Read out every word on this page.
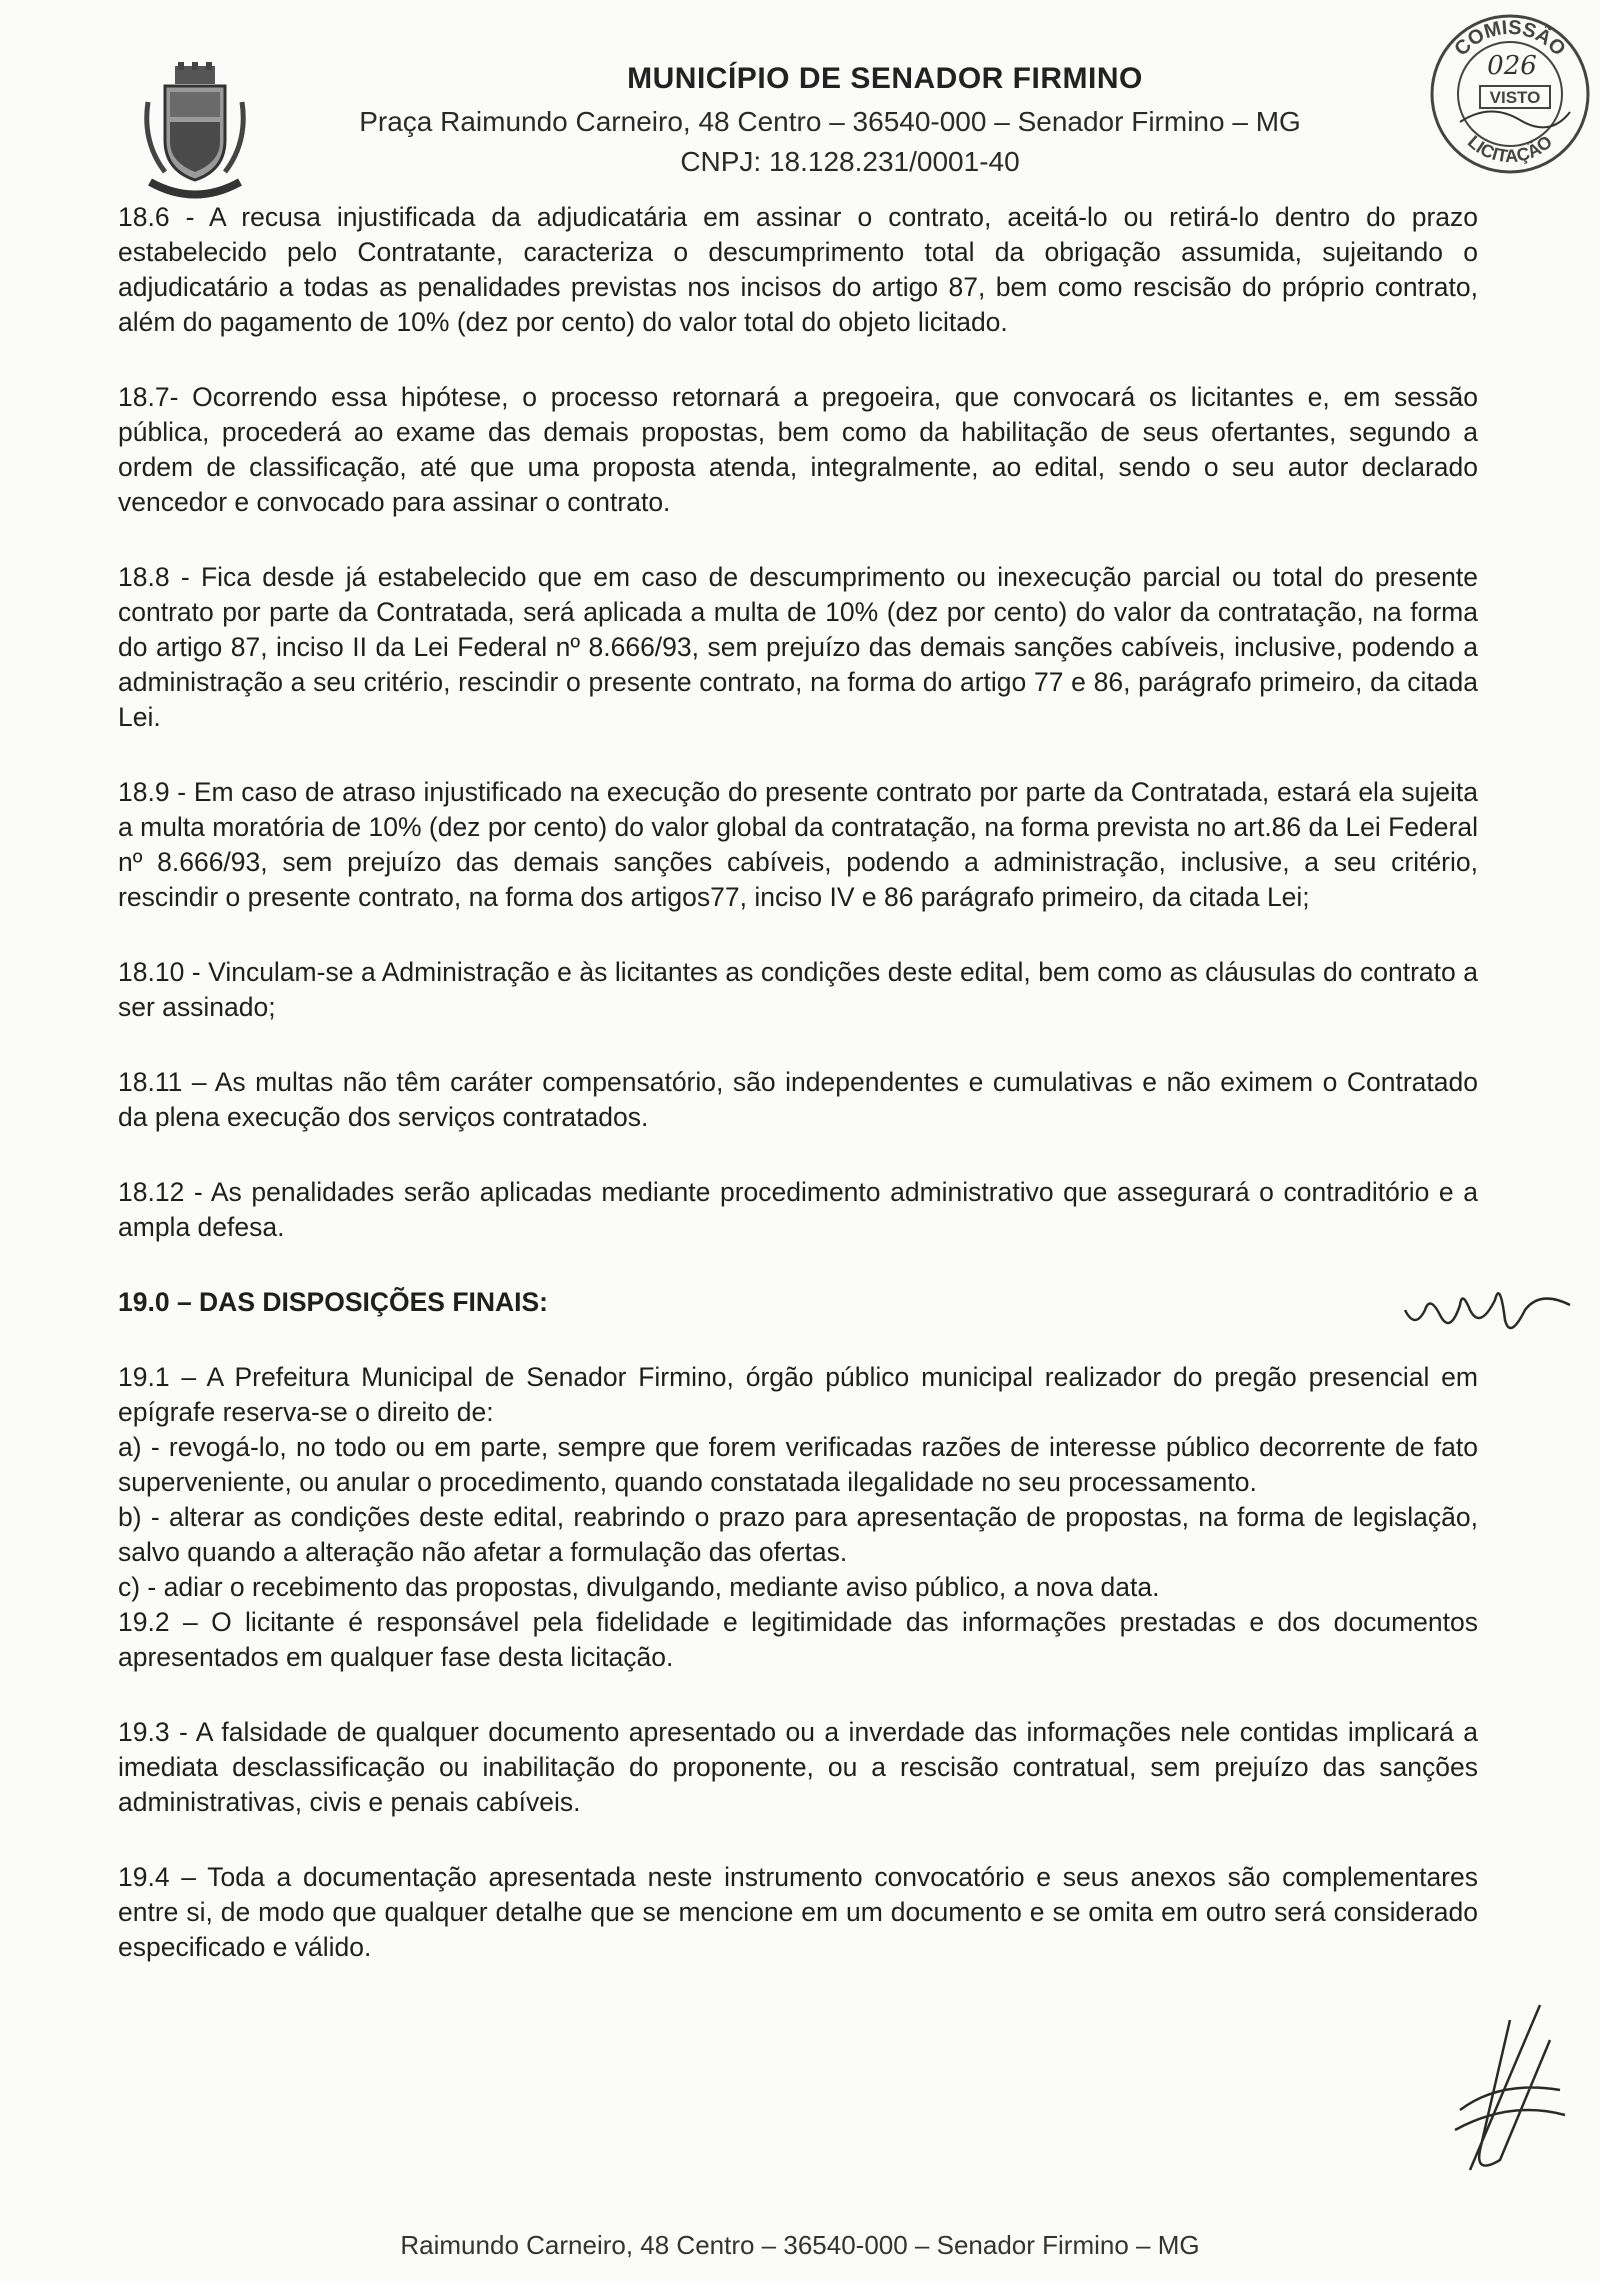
MUNICÍPIO DE SENADOR FIRMINO
Praça Raimundo Carneiro, 48 Centro – 36540-000 – Senador Firmino – MG
CNPJ: 18.128.231/0001-40
COMISSÃO
LICITAÇÃO
026
VISTO

18.6 - A recusa injustificada da adjudicatária em assinar o contrato, aceitá-lo ou retirá-lo dentro do prazo estabelecido pelo Contratante, caracteriza o descumprimento total da obrigação assumida, sujeitando o adjudicatário a todas as penalidades previstas nos incisos do artigo 87, bem como rescisão do próprio contrato, além do pagamento de 10% (dez por cento) do valor total do objeto licitado.

18.7- Ocorrendo essa hipótese, o processo retornará a pregoeira, que convocará os licitantes e, em sessão pública, procederá ao exame das demais propostas, bem como da habilitação de seus ofertantes, segundo a ordem de classificação, até que uma proposta atenda, integralmente, ao edital, sendo o seu autor declarado vencedor e convocado para assinar o contrato.

18.8 - Fica desde já estabelecido que em caso de descumprimento ou inexecução parcial ou total do presente contrato por parte da Contratada, será aplicada a multa de 10% (dez por cento) do valor da contratação, na forma do artigo 87, inciso II da Lei Federal nº 8.666/93, sem prejuízo das demais sanções cabíveis, inclusive, podendo a administração a seu critério, rescindir o presente contrato, na forma do artigo 77 e 86, parágrafo primeiro, da citada Lei.

18.9 - Em caso de atraso injustificado na execução do presente contrato por parte da Contratada, estará ela sujeita a multa moratória de 10% (dez por cento) do valor global da contratação, na forma prevista no art.86 da Lei Federal nº 8.666/93, sem prejuízo das demais sanções cabíveis, podendo a administração, inclusive, a seu critério, rescindir o presente contrato, na forma dos artigos77, inciso IV e 86 parágrafo primeiro, da citada Lei;

18.10 - Vinculam-se a Administração e às licitantes as condições deste edital, bem como as cláusulas do contrato a ser assinado;

18.11 – As multas não têm caráter compensatório, são independentes e cumulativas e não eximem o Contratado da plena execução dos serviços contratados.

18.12 - As penalidades serão aplicadas mediante procedimento administrativo que assegurará o contraditório e a ampla defesa.

19.0 – DAS DISPOSIÇÕES FINAIS:

19.1 – A Prefeitura Municipal de Senador Firmino, órgão público municipal realizador do pregão presencial em epígrafe reserva-se o direito de:
a) - revogá-lo, no todo ou em parte, sempre que forem verificadas razões de interesse público decorrente de fato superveniente, ou anular o procedimento, quando constatada ilegalidade no seu processamento.
b) - alterar as condições deste edital, reabrindo o prazo para apresentação de propostas, na forma de legislação, salvo quando a alteração não afetar a formulação das ofertas.
c) - adiar o recebimento das propostas, divulgando, mediante aviso público, a nova data.

19.2 – O licitante é responsável pela fidelidade e legitimidade das informações prestadas e dos documentos apresentados em qualquer fase desta licitação.

19.3 - A falsidade de qualquer documento apresentado ou a inverdade das informações nele contidas implicará a imediata desclassificação ou inabilitação do proponente, ou a rescisão contratual, sem prejuízo das sanções administrativas, civis e penais cabíveis.

19.4 – Toda a documentação apresentada neste instrumento convocatório e seus anexos são complementares entre si, de modo que qualquer detalhe que se mencione em um documento e se omita em outro será considerado especificado e válido.

Raimundo Carneiro, 48 Centro – 36540-000 – Senador Firmino – MG
